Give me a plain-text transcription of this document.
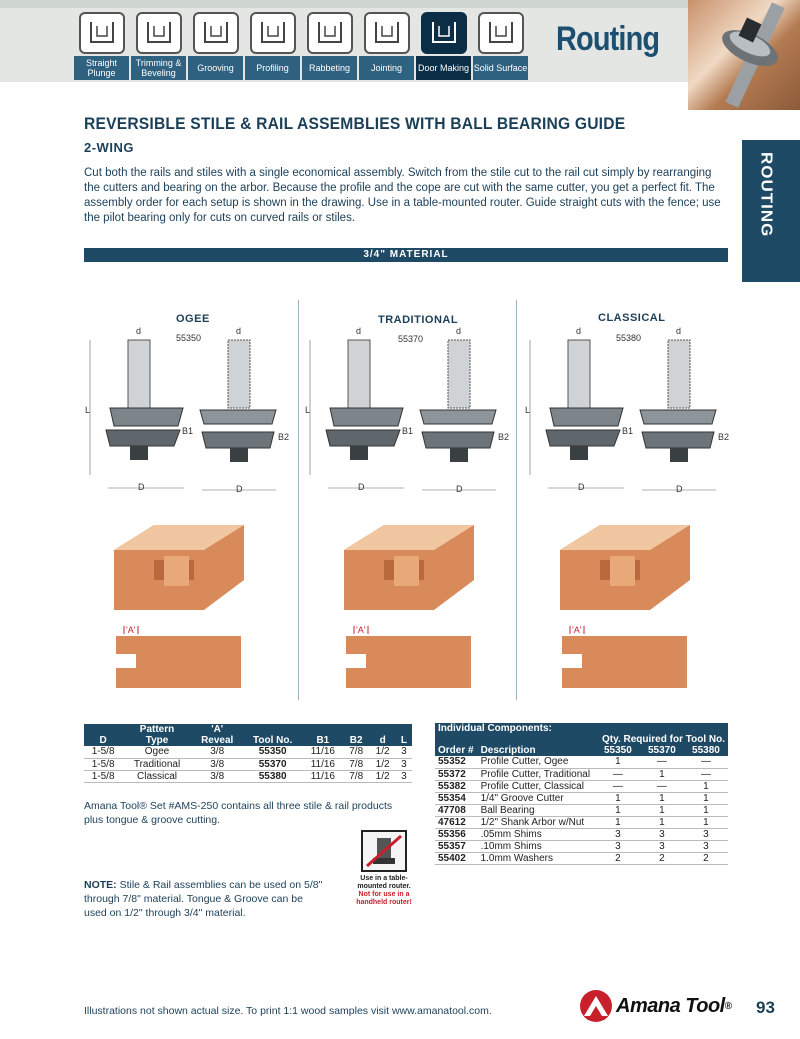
Straight Plunge
Trimming & Beveling	Grooving	Profiling	Rabbeting	Jointing	Door Making Solid Surface
Routing
ROUTING
REVERSIBLE STILE & RAIL ASSEMBLIES WITH BALL BEARING GUIDE
2-WING

Cut both the rails and stiles with a single economical assembly. Switch from the stile cut to the rail cut simply by rearranging the cutters and bearing on the arbor. Because the profile and the cope are cut with the same cutter, you get a perfect fit. The assembly order for each setup is shown in the drawing. Use in a table-mounted router. Guide straight cuts with the fence; use the pilot bearing only for cuts on curved rails or stiles.

3/4" MATERIAL
OGEE	TRADITIONAL	CLASSICAL
55350	55370	55380
	Pattern	'A'					
D	Type	Reveal	Tool No.	B1	B2	d	L
1-5/8	Ogee	3/8	55350	11/16	7/8	1/2	3
1-5/8	Traditional	3/8	55370	11/16	7/8	1/2	3
1-5/8	Classical	3/8	55380	11/16	7/8	1/2	3

Amana Tool® Set #AMS-250 contains all three stile & rail products plus tongue & groove cutting.

Use in a table-
mounted router.
Not for use in a
handheld router!

NOTE: Stile & Rail assemblies can be used on 5/8" through 7/8" material. Tongue & Groove can be used on 1/2" through 3/4" material.

Individual Components:				
		Qty. Required for Tool No.		
Order #	Description	55350	55370	55380
55352	Profile Cutter, Ogee	1	—	—
55372	Profile Cutter, Traditional	—	1	—
55382	Profile Cutter, Classical	—	—	1
55354	1/4" Groove Cutter	1	1	1
47708	Ball Bearing	1	1	1
47612	1/2" Shank Arbor w/Nut	1	1	1
55356	.05mm Shims	3	3	3
55357	.10mm Shims	3	3	3
55402	1.0mm Washers	2	2	2
Illustrations not shown actual size. To print 1:1 wood samples visit www.amanatool.com.	Amana Tool ® 93
d	d
L
B1
B2
D	D
d	d
L
B1
B2
D	D
d	d
L
B1
B2
D	D
'A'	'A'	'A'
